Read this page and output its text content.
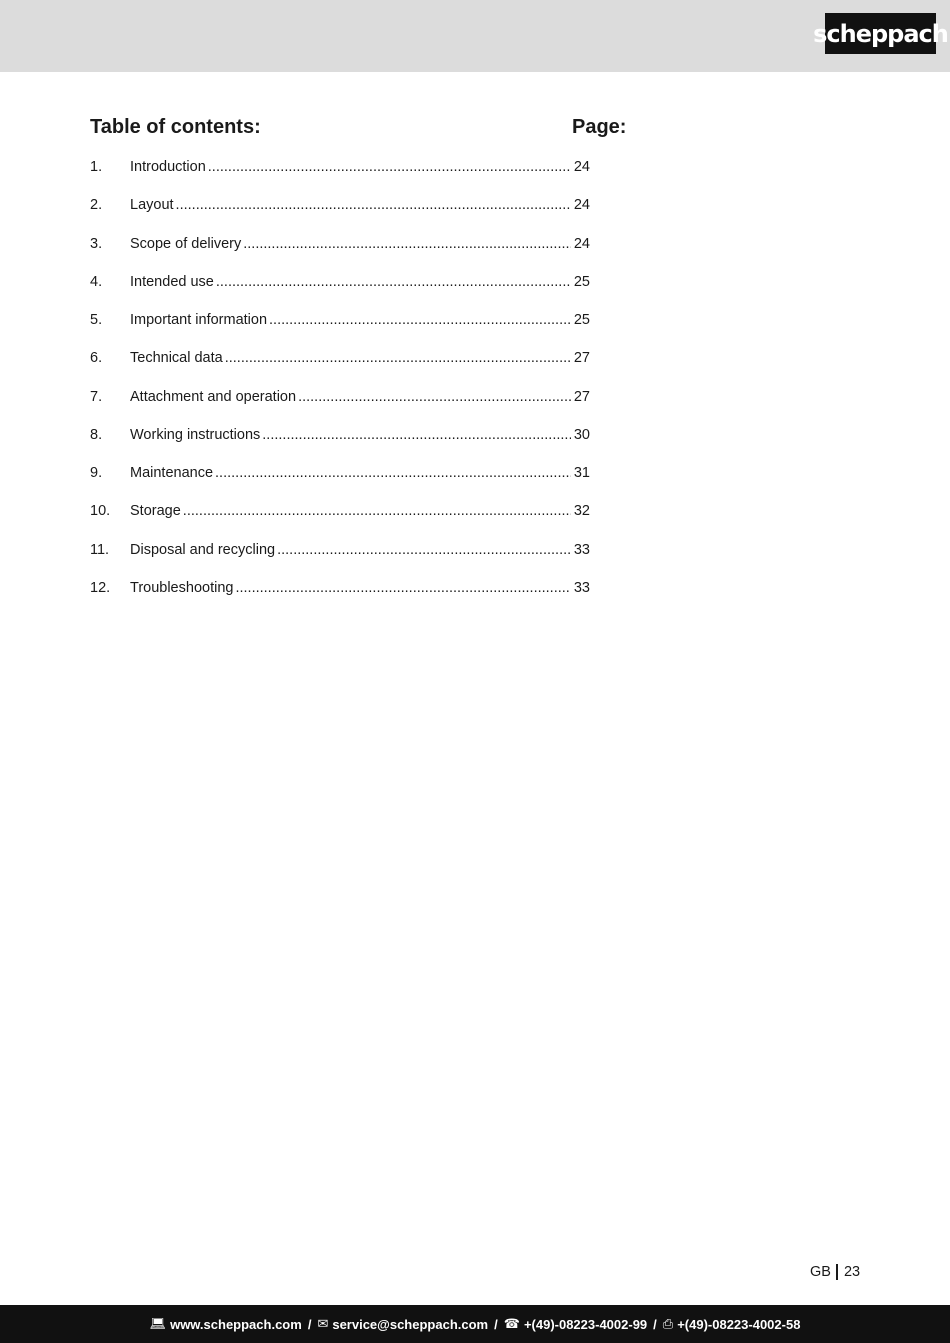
scheppach
Table of contents:	Page:
1.	Introduction .....	24
2.	Layout .....	24
3.	Scope of delivery .....	24
4.	Intended use .....	25
5.	Important information .....	25
6.	Technical data .....	27
7.	Attachment and operation .....	27
8.	Working instructions .....	30
9.	Maintenance .....	31
10.	Storage .....	32
11.	Disposal and recycling .....	33
12.	Troubleshooting .....	33
GB 23
💻︎ www.scheppach.com / ✉︎ service@scheppach.com / ☎︎ +(49)-08223-4002-99 / ⎙ +(49)-08223-4002-58
